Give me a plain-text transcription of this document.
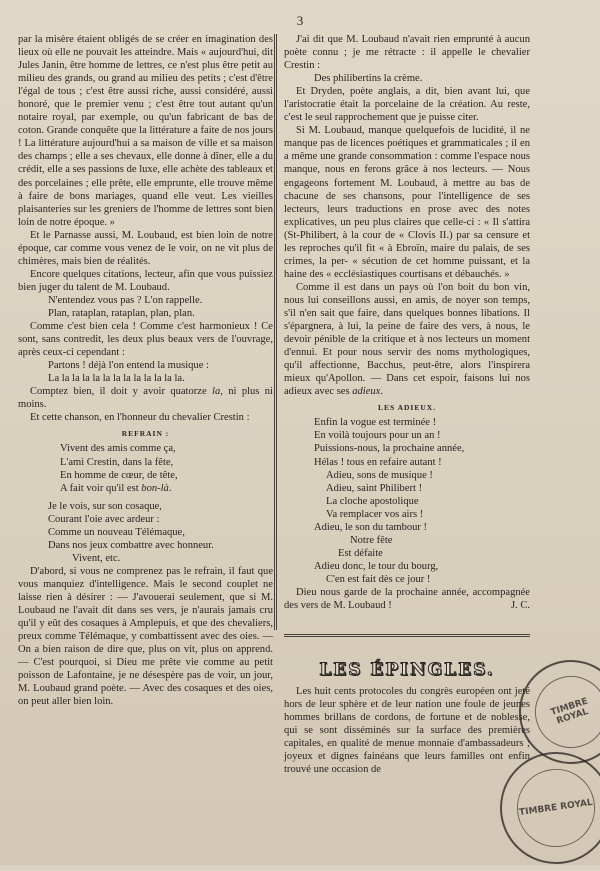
3

par la misère étaient obligés de se créer en imagination des lieux où elle ne pouvait les atteindre. Mais « aujourd'hui, dit Jules Janin, être homme de lettres, ce n'est plus être petit au milieu des grands, ou grand au milieu des petits ; c'est d'être l'égal de tous ; c'est être aussi riche, aussi considéré, aussi honoré, que le premier venu ; c'est être tout autant qu'un notaire royal, par exemple, ou qu'un fabricant de bas de coton. Grande conquête que la littérature a faite de nos jours ! La littérature aujourd'hui a sa maison de ville et sa maison des champs ; elle a ses chevaux, elle donne à dîner, elle a du crédit, elle a ses passions de luxe, elle achète des tableaux et des porcelaines ; elle prête, elle emprunte, elle trouve même à faire de bons mariages, quand elle veut. Les vieilles plaisanteries sur les greniers de l'homme de lettres sont bien loin de notre époque. »

Et le Parnasse aussi, M. Loubaud, est bien loin de notre époque, car comme vous venez de le voir, on ne vit plus de chimères, mais bien de réalités.

Encore quelques citations, lecteur, afin que vous puissiez bien juger du talent de M. Loubaud.

N'entendez vous pas ? L'on rappelle.
Plan, rataplan, rataplan, plan, plan.

Comme c'est bien cela ! Comme c'est harmonieux ! Ce sont, sans contredit, les deux plus beaux vers de l'ouvrage, après ceux-ci cependant :

Partons ! déjà l'on entend la musique :
La la la la la la la la la la la la la.

Comptez bien, il doit y avoir quatorze la, ni plus ni moins.

Et cette chanson, en l'honneur du chevalier Crestin :

REFRAIN :
Vivent des amis comme ça,
L'ami Crestin, dans la fête,
En homme de cœur, de tête,
A fait voir qu'il est bon-là.
Je le vois, sur son cosaque,
Courant l'oie avec ardeur :
Comme un nouveau Télémaque,
Dans nos jeux combattre avec honneur.
Vivent, etc.

D'abord, si vous ne comprenez pas le refrain, il faut que vous manquiez d'intelligence. Mais le second couplet ne laisse rien à désirer : — J'avouerai seulement, que si M. Loubaud ne l'avait dit dans ses vers, je n'aurais jamais cru qu'il y eût des cosaques à Amplepuis, et que des chevaliers, preux comme Télémaque, y combattissent avec des oies. — On a bien raison de dire que, plus on vit, plus on apprend. — C'est pourquoi, si Dieu me prête vie comme au petit poisson de Lafontaine, je ne désespère pas de voir, un jour, M. Loubaud grand poète. — Avec des cosaques et des oies, on peut aller bien loin.

J'ai dit que M. Loubaud n'avait rien emprunté à aucun poète connu ; je me rétracte : il appelle le chevalier Crestin :

Des philibertins la crème.

Et Dryden, poète anglais, a dit, bien avant lui, que l'aristocratie était la porcelaine de la création. Au reste, c'est le seul rapprochement que je puisse citer.

Si M. Loubaud, manque quelquefois de lucidité, il ne manque pas de licences poétiques et grammaticales ; il en a même une grande consommation : comme l'espace nous manque, nous en ferons grâce à nos lecteurs. — Nous engageons fortement M. Loubaud, à mettre au bas de chacune de ses chansons, pour l'intelligence de ses lecteurs, leurs traductions en prose avec des notes explicatives, un peu plus claires que celle-ci : « Il s'attira (St-Philibert, à la cour de « Clovis II.) par sa censure et les reproches qu'il fit « à Ebroïn, maire du palais, de ses crimes, la per- « sécution de cet homme puissant, et la haine des « ecclésiastiques courtisans et débauchés. »

Comme il est dans un pays où l'on boit du bon vin, nous lui conseillons aussi, en amis, de noyer son temps, s'il n'en sait que faire, dans quelques bonnes libations. Il s'épargnera, à lui, la peine de faire des vers, à nous, le devoir pénible de la critique et à nos lecteurs un moment d'ennui. Et pour nous servir des noms mythologiques, qu'il affectionne, Bacchus, peut-être, alors l'inspirera mieux qu'Apollon. — Dans cet espoir, faisons lui nos adieux avec ses adieux.

LES ADIEUX.
Enfin la vogue est terminée !
En voilà toujours pour un an !
Puissions-nous, la prochaine année,
Hélas ! tous en refaire autant !
Adieu, sons de musique !
Adieu, saint Philibert !
La cloche apostolique
Va remplacer vos airs !
Adieu, le son du tambour !
Notre fête
Est défaite
Adieu donc, le tour du bourg,
C'en est fait dès ce jour !

Dieu nous garde de la prochaine année, accompagnée des vers de M. Loubaud !	J. C.

LES ÉPINGLES.

Les huit cents protocoles du congrès européen ont jeté hors de leur sphère et de leur nation une foule de jeunes hommes brillans de cordons, de fortune et de noblesse, qui se sont disséminés sur la surface des premières capitales, en qualité de menue monnaie d'ambassadeurs ; joyeux et dignes fainéans que leurs familles ont enfin trouvé une occasion de

TIMBRE ROYAL
TIMBRE ROYAL
